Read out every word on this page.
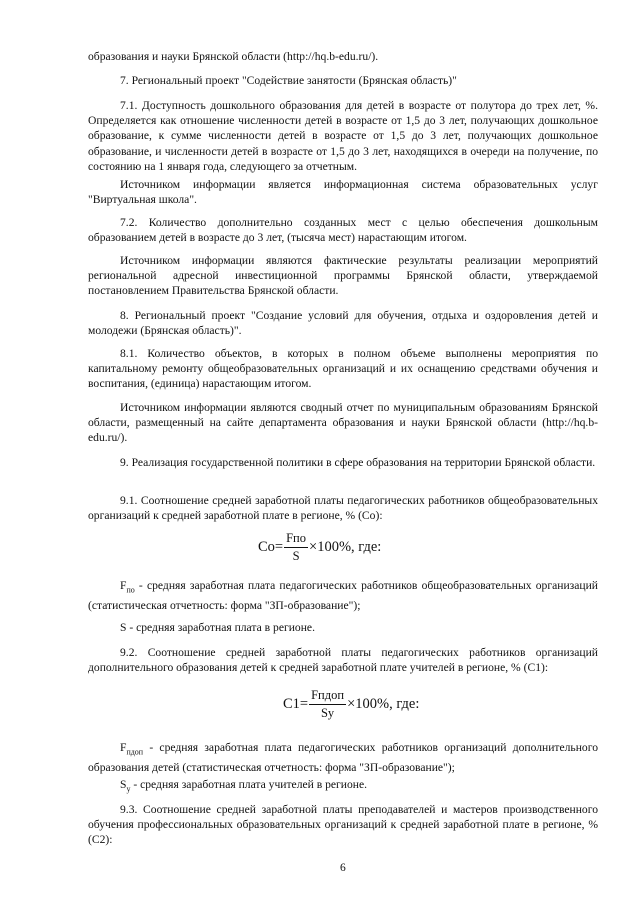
образования и науки Брянской области (http://hq.b-edu.ru/).

7. Региональный проект "Содействие занятости (Брянская область)"

7.1. Доступность дошкольного образования для детей в возрасте от полутора до трех лет, %. Определяется как отношение численности детей в возрасте от 1,5 до 3 лет, получающих дошкольное образование, к сумме численности детей в возрасте от 1,5 до 3 лет, получающих дошкольное образование, и численности детей в возрасте от 1,5 до 3 лет, находящихся в очереди на получение, по состоянию на 1 января года, следующего за отчетным.

Источником информации является информационная система образовательных услуг "Виртуальная школа".

7.2. Количество дополнительно созданных мест с целью обеспечения дошкольным образованием детей в возрасте до 3 лет, (тысяча мест) нарастающим итогом.

Источником информации являются фактические результаты реализации мероприятий региональной адресной инвестиционной программы Брянской области, утверждаемой постановлением Правительства Брянской области.

8. Региональный проект "Создание условий для обучения, отдыха и оздоровления детей и молодежи (Брянская область)".

8.1. Количество объектов, в которых в полном объеме выполнены мероприятия по капитальному ремонту общеобразовательных организаций и их оснащению средствами обучения и воспитания, (единица) нарастающим итогом.

Источником информации являются сводный отчет по муниципальным образованиям Брянской области, размещенный на сайте департамента образования и науки Брянской области (http://hq.b-edu.ru/).

9. Реализация государственной политики в сфере образования на территории Брянской области.

9.1. Соотношение средней заработной платы педагогических работников общеобразовательных организаций к средней заработной плате в регионе, % (Со):

$Со= \frac{\text{Fпо}}{S} \times 100\%$, где:

$F_{по}$ - средняя заработная плата педагогических работников общеобразовательных организаций (статистическая отчетность: форма "ЗП-образование");

S - средняя заработная плата в регионе.

9.2. Соотношение средней заработной платы педагогических работников организаций дополнительного образования детей к средней заработной плате учителей в регионе, % (С1):

$С1= \frac{\text{Fпдоп}}{Sу} \times 100\%$, где:

$F_{пдоп}$ - средняя заработная плата педагогических работников организаций дополнительного образования детей (статистическая отчетность: форма "ЗП-образование");

$S_у$ - средняя заработная плата учителей в регионе.

9.3. Соотношение средней заработной платы преподавателей и мастеров производственного обучения профессиональных образовательных организаций к средней заработной плате в регионе, % (С2):

6
